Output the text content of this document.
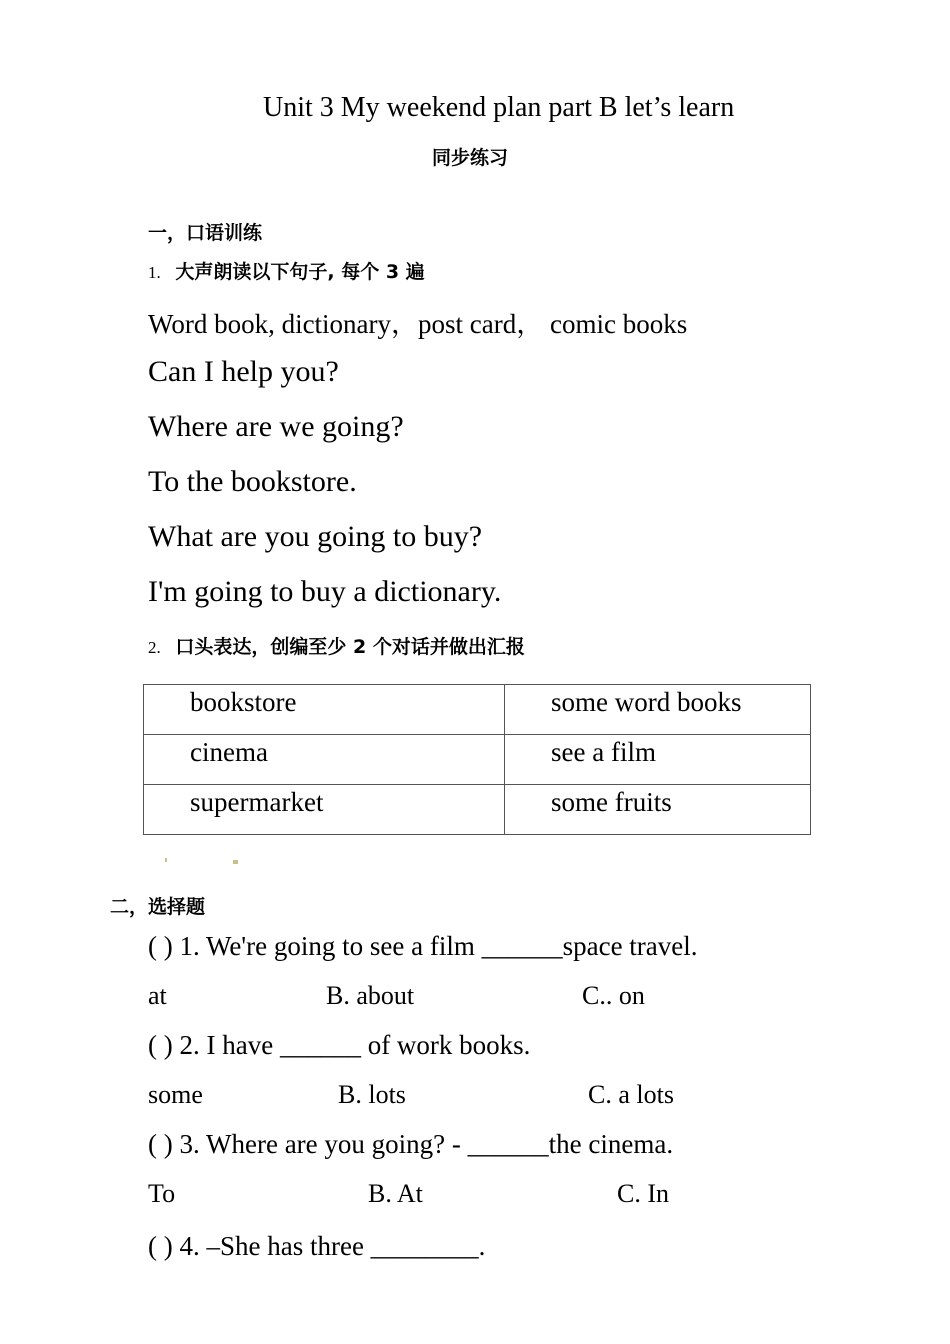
Unit 3 My weekend plan part B let’s learn
同步练习
一，口语训练
1. 大声朗读以下句子, 每个 3 遍
Word book, dictionary，post card， comic books
Can I help you?
Where are we going?
To the bookstore.
What are you going to buy?
I'm going to buy a dictionary.
2. 口头表达，创编至少 2 个对话并做出汇报
bookstore	some word books
cinema	see a film
supermarket	some fruits
二，选择题
( ) 1. We're going to see a film ______space travel.
at	B. about	C.. on
( ) 2. I have ______ of work books.
some	B. lots	C. a lots
( ) 3. Where are you going? - ______the cinema.
To	B. At	C. In
( ) 4. –She has three ________.
